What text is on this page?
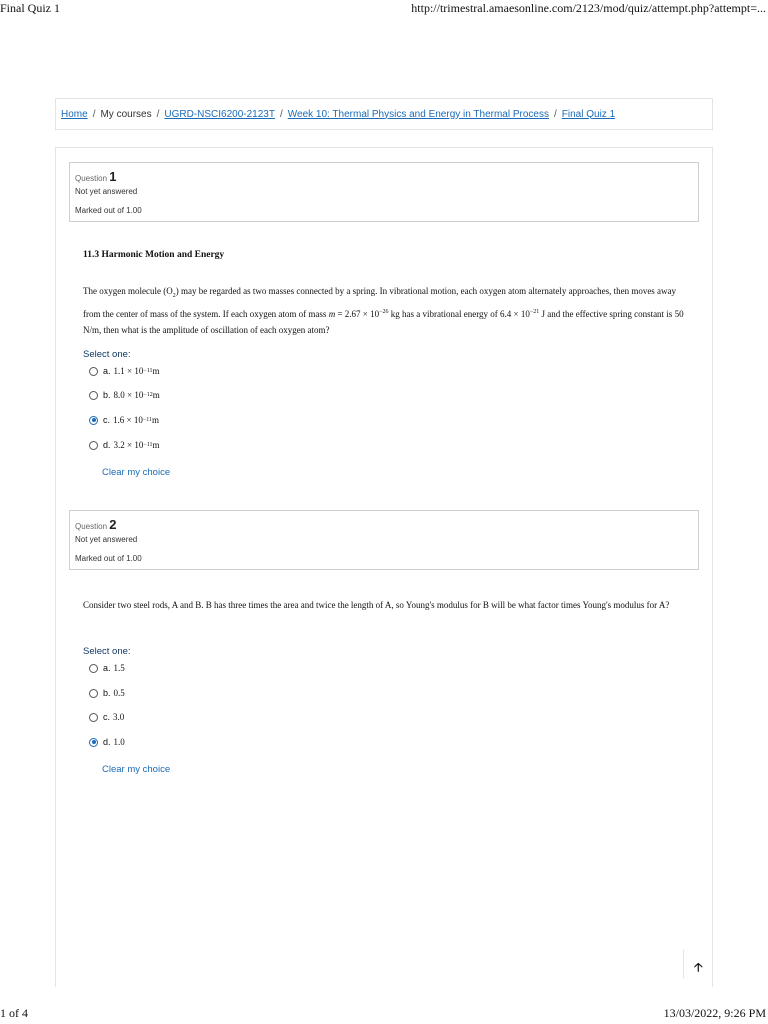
Final Quiz 1	http://trimestral.amaesonline.com/2123/mod/quiz/attempt.php?attempt=...
Home / My courses / UGRD-NSCI6200-2123T / Week 10: Thermal Physics and Energy in Thermal Process / Final Quiz 1
Question 1
Not yet answered
Marked out of 1.00
11.3 Harmonic Motion and Energy
The oxygen molecule $(O_2)$ may be regarded as two masses connected by a spring. In vibrational motion, each oxygen atom alternately approaches, then moves away from the center of mass of the system. If each oxygen atom of mass $m = 2.67 \times 10^{-26}$ kg has a vibrational energy of $6.4 \times 10^{-21}$ J and the effective spring constant is 50 N/m, then what is the amplitude of oscillation of each oxygen atom?
Select one:
a. 1.1 × 10 −11 m
b. 8.0 × 10 −12 m
c. 1.6 × 10 −11 m
d. 3.2 × 10 −11 m
Clear my choice
Question 2
Not yet answered
Marked out of 1.00
Consider two steel rods, A and B. B has three times the area and twice the length of A, so Young's modulus for B will be what factor times Young's modulus for A?
Select one:
a. 1.5
b. 0.5
c. 3.0
d. 1.0
Clear my choice
🡡
1 of 4	13/03/2022, 9:26 PM
